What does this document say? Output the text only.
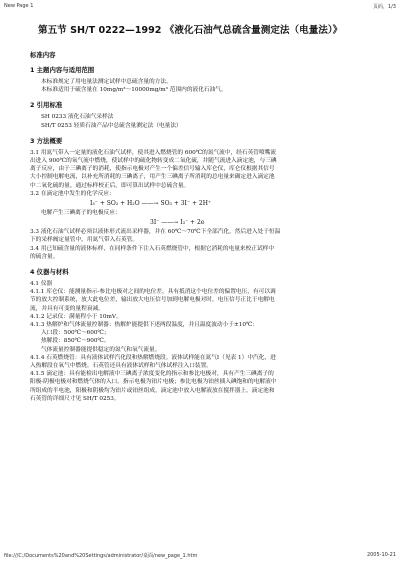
New Page 1	页码，1/3
第五节 SH/T 0222—1992 《液化石油气总硫含量测定法（电量法）》
标准内容
1 主题内容与适用范围

本标准规定了用电量法测定试样中总硫含量的方法。

本标准适用于硫含量在 10mg/m³～10000mg/m³ 范围内的液化石油气。

2 引用标准

SH 0233 液化石油气采样法

SH/T 0253 轻质石油产品中总硫含量测定法（电量法）

3 方法概要

3.1 用氮气带入一定量的液化石油气试样，使其进入燃烧管的 600℃的氮气流中，经石英管喷嘴流

出进入 900℃的氧气流中燃烧，使试样中的硫化物转变成二氧化硫，并随气流进入滴定池，与三碘

离子反应，由于三碘离子的消耗，使指示电极对产生一个偏差信号输入库仑仪，库仑仪根据其信号

大小控制电解电流，以补充所消耗的三碘离子，用产生三碘离子所消耗的总电量来确定进入滴定池

中二氧化硫的量。通过标样校正后，即可算出试样中总硫含量。

3.2 在滴定池中发生的化学反应：

I₃⁻ + SO₂ + H₂O ——→ SO₃ + 3I⁻ + 2H⁺

电解产生三碘离子的电极反应：

3I⁻ ——→ I₃⁻ + 2e

3.3 液化石油气试样必须以液体形式流出采样器，并在 60℃～70℃下全部汽化，然后进入处于恒温

下的采样阀定量管中，用氮气带入石英管。

3.4 用已知硫含量的液体标样，在同样条件下注入石英燃烧管中，根据它消耗的电量来校正试样中

的硫含量。

4 仪器与材料

4.1 仪器

4.1.1 库仑仪：能测量指示-参比电极对之间的电位差，具有抵消这个电位差的偏置电压，有可以调

节的放大控制系统，放大此电位差，输出放大电压信号加到电解电极对时，电压信号正比于电解电

流，并具有可变的量程衰减。

4.1.2 记录仪：满量程小于 10mV。

4.1.3 热解炉和气体流量控制器：热解炉能提供下述两段温度，并且温度波动小于±10℃：

入口段：500℃～600℃；

热解段：850℃～900℃。

气体流量控制器能提供稳定的氮气和氧气流量。

4.1.4 石英燃烧管：具有液体试样汽化段和热解燃烧段。液体试样能在氮气Ⅰ（见表 1）中汽化，进

入热解段在氧气中燃烧。石英管还具有液体试样和气体试样注入口装置。

4.1.5 滴定池：具有能检出电解液中三碘离子浓度变化的指示和参比电极对，具有产生三碘离子的

阳极-阴极电极对和燃烧气体的入口。指示电极为铂片电极；参比电极为铂丝插入碘饱和的电解液中

所组成的半电池，阳极和阴极均为铂片或铂丝组成。滴定池中放入电解液放在搅拌器上。滴定池和

石英管的详细尺寸见 SH/T 0253。

file:///C:/Documents%20and%20Settings/administrator/桌面/new_page_1.htm	2005-10-21
